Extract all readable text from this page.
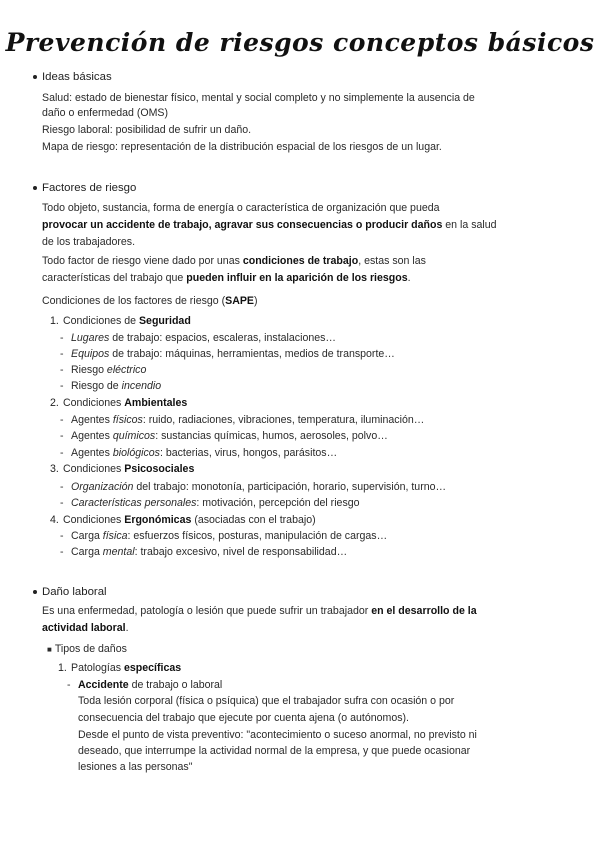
Prevención de riesgos conceptos básicos
Ideas básicas
Salud: estado de bienestar físico, mental y social completo y no simplemente la ausencia de
daño o enfermedad (OMS)
Riesgo laboral: posibilidad de sufrir un daño.
Mapa de riesgo: representación de la distribución espacial de los riesgos de un lugar.
Factores de riesgo
Todo objeto, sustancia, forma de energía o característica de organización que pueda
provocar un accidente de trabajo, agravar sus consecuencias o producir daños en la salud
de los trabajadores.
Todo factor de riesgo viene dado por unas condiciones de trabajo, estas son las
características del trabajo que pueden influir en la aparición de los riesgos.
Condiciones de los factores de riesgo (SAPE)
1. Condiciones de Seguridad
- Lugares de trabajo: espacios, escaleras, instalaciones…
- Equipos de trabajo: máquinas, herramientas, medios de transporte…
- Riesgo eléctrico
- Riesgo de incendio
2. Condiciones Ambientales
- Agentes físicos: ruido, radiaciones, vibraciones, temperatura, iluminación…
- Agentes químicos: sustancias químicas, humos, aerosoles, polvo…
- Agentes biológicos: bacterias, virus, hongos, parásitos…
3. Condiciones Psicosociales
- Organización del trabajo: monotonía, participación, horario, supervisión, turno…
- Características personales: motivación, percepción del riesgo
4. Condiciones Ergonómicas (asociadas con el trabajo)
- Carga física: esfuerzos físicos, posturas, manipulación de cargas…
- Carga mental: trabajo excesivo, nivel de responsabilidad…
Daño laboral
Es una enfermedad, patología o lesión que puede sufrir un trabajador en el desarrollo de la
actividad laboral.
■ Tipos de daños
1. Patologías específicas
- Accidente de trabajo o laboral
Toda lesión corporal (física o psíquica) que el trabajador sufra con ocasión o por
consecuencia del trabajo que ejecute por cuenta ajena (o autónomos).
Desde el punto de vista preventivo: "acontecimiento o suceso anormal, no previsto ni
deseado, que interrumpe la actividad normal de la empresa, y que puede ocasionar
lesiones a las personas"
